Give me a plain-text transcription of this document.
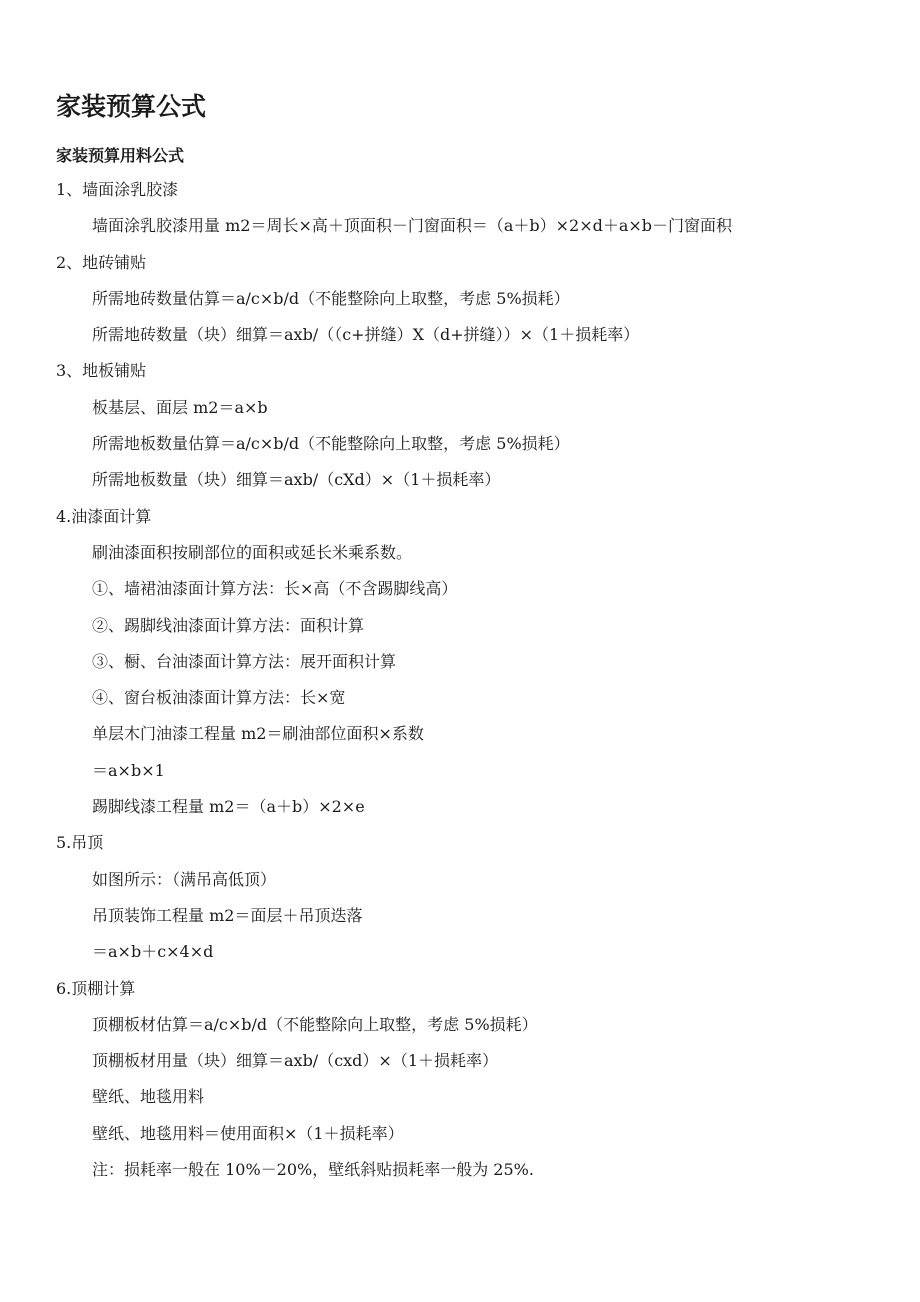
家装预算公式
家装预算用料公式
1、墙面涂乳胶漆
墙面涂乳胶漆用量 m2＝周长×高＋顶面积－门窗面积＝（a＋b）×2×d＋a×b－门窗面积
2、地砖铺贴
所需地砖数量估算＝a/c×b/d（不能整除向上取整，考虑 5%损耗）
所需地砖数量（块）细算＝axb/（（c+拼缝）X（d+拼缝））×（1＋损耗率）
3、地板铺贴
板基层、面层 m2＝a×b
所需地板数量估算＝a/c×b/d（不能整除向上取整，考虑 5%损耗）
所需地板数量（块）细算＝axb/（cXd）×（1＋损耗率）
4.油漆面计算
刷油漆面积按刷部位的面积或延长米乘系数。
①、墙裙油漆面计算方法：长×高（不含踢脚线高）
②、踢脚线油漆面计算方法：面积计算
③、橱、台油漆面计算方法：展开面积计算
④、窗台板油漆面计算方法：长×宽
单层木门油漆工程量 m2＝刷油部位面积×系数
＝a×b×1
踢脚线漆工程量 m2＝（a＋b）×2×e
5.吊顶
如图所示：（满吊高低顶）
吊顶装饰工程量 m2＝面层＋吊顶迭落
＝a×b＋c×4×d
6.顶棚计算
顶棚板材估算＝a/c×b/d（不能整除向上取整，考虑 5%损耗）
顶棚板材用量（块）细算＝axb/（cxd）×（1＋损耗率）
壁纸、地毯用料
壁纸、地毯用料＝使用面积×（1＋损耗率）
注：损耗率一般在 10%－20%，壁纸斜贴损耗率一般为 25%.
